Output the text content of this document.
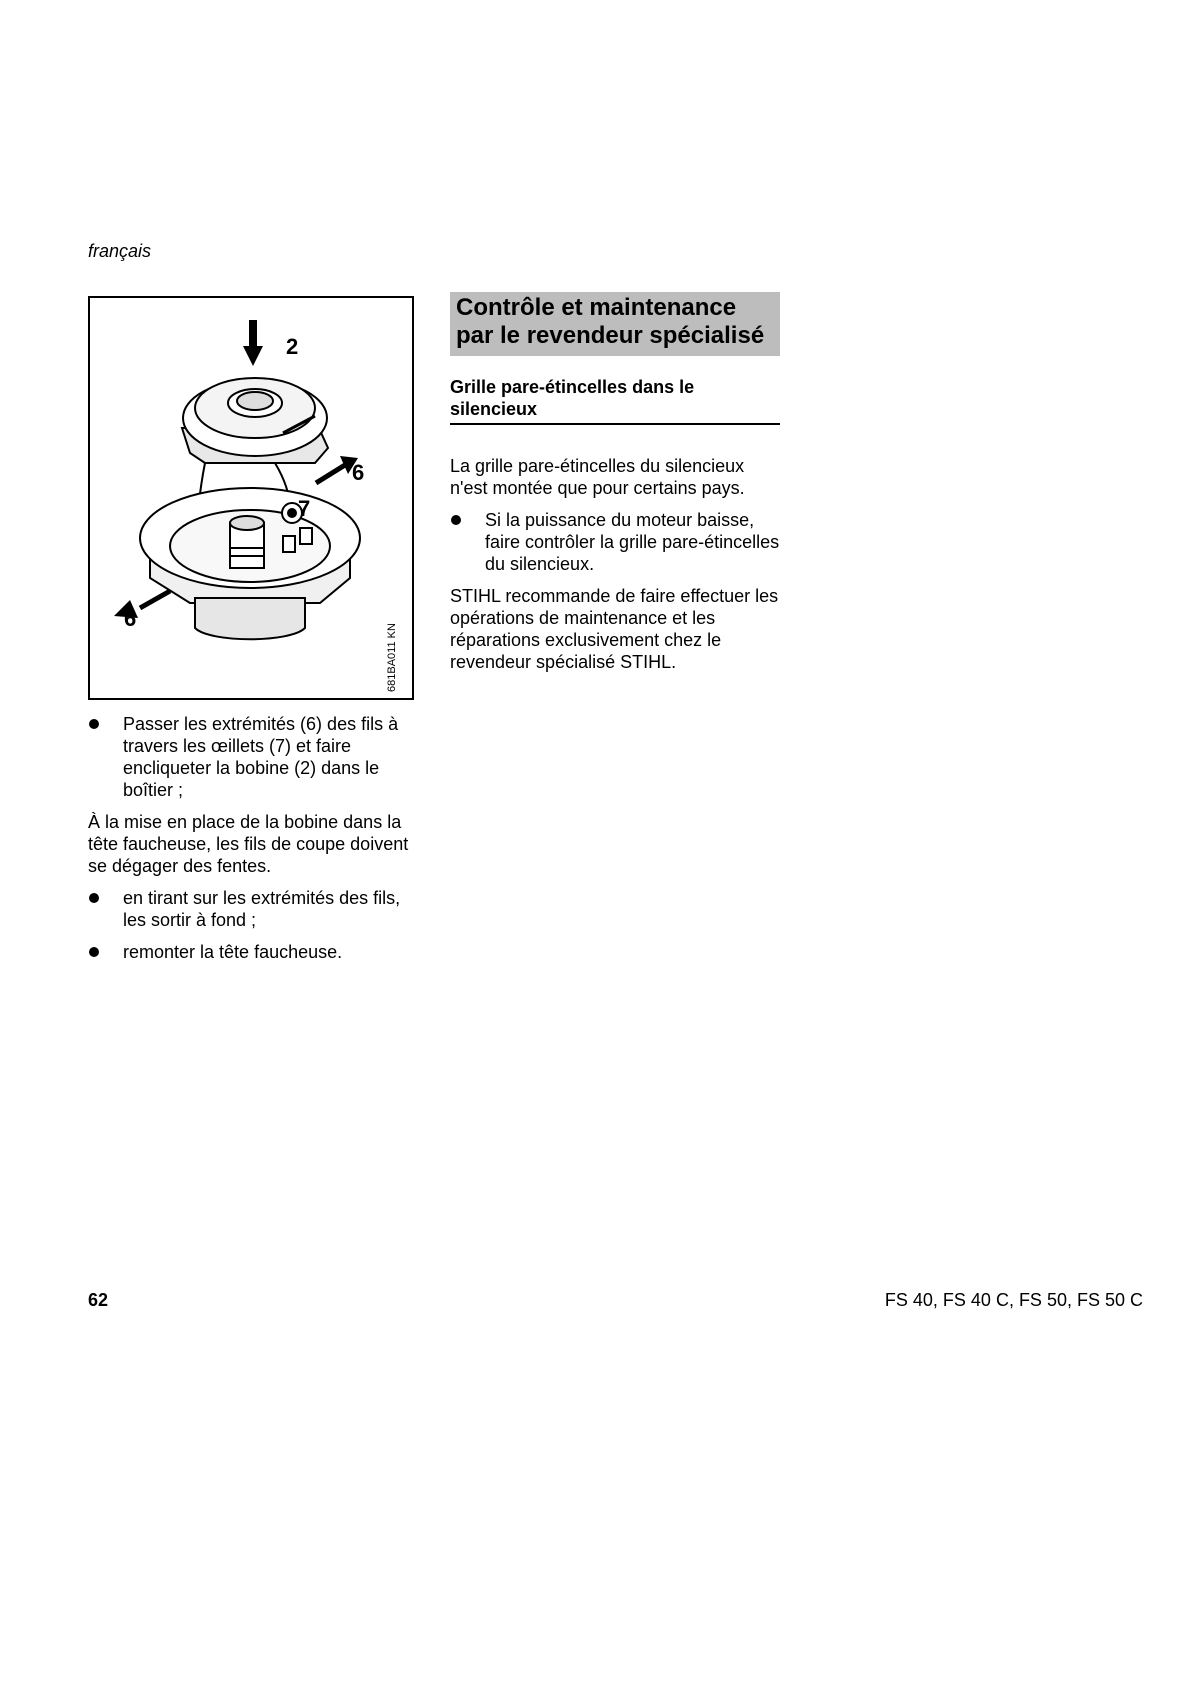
français
2
6
7
6
681BA011 KN
Passer les extrémités (6) des fils à travers les œillets (7) et faire encliqueter la bobine (2) dans le boîtier ;
À la mise en place de la bobine dans la tête faucheuse, les fils de coupe doivent se dégager des fentes.
en tirant sur les extrémités des fils, les sortir à fond ;
remonter la tête faucheuse.
Contrôle et maintenance par le revendeur spécialisé
Grille pare-étincelles dans le silencieux
La grille pare-étincelles du silencieux n'est montée que pour certains pays.
Si la puissance du moteur baisse, faire contrôler la grille pare-étincelles du silencieux.
STIHL recommande de faire effectuer les opérations de maintenance et les réparations exclusivement chez le revendeur spécialisé STIHL.
62	FS 40, FS 40 C, FS 50, FS 50 C
